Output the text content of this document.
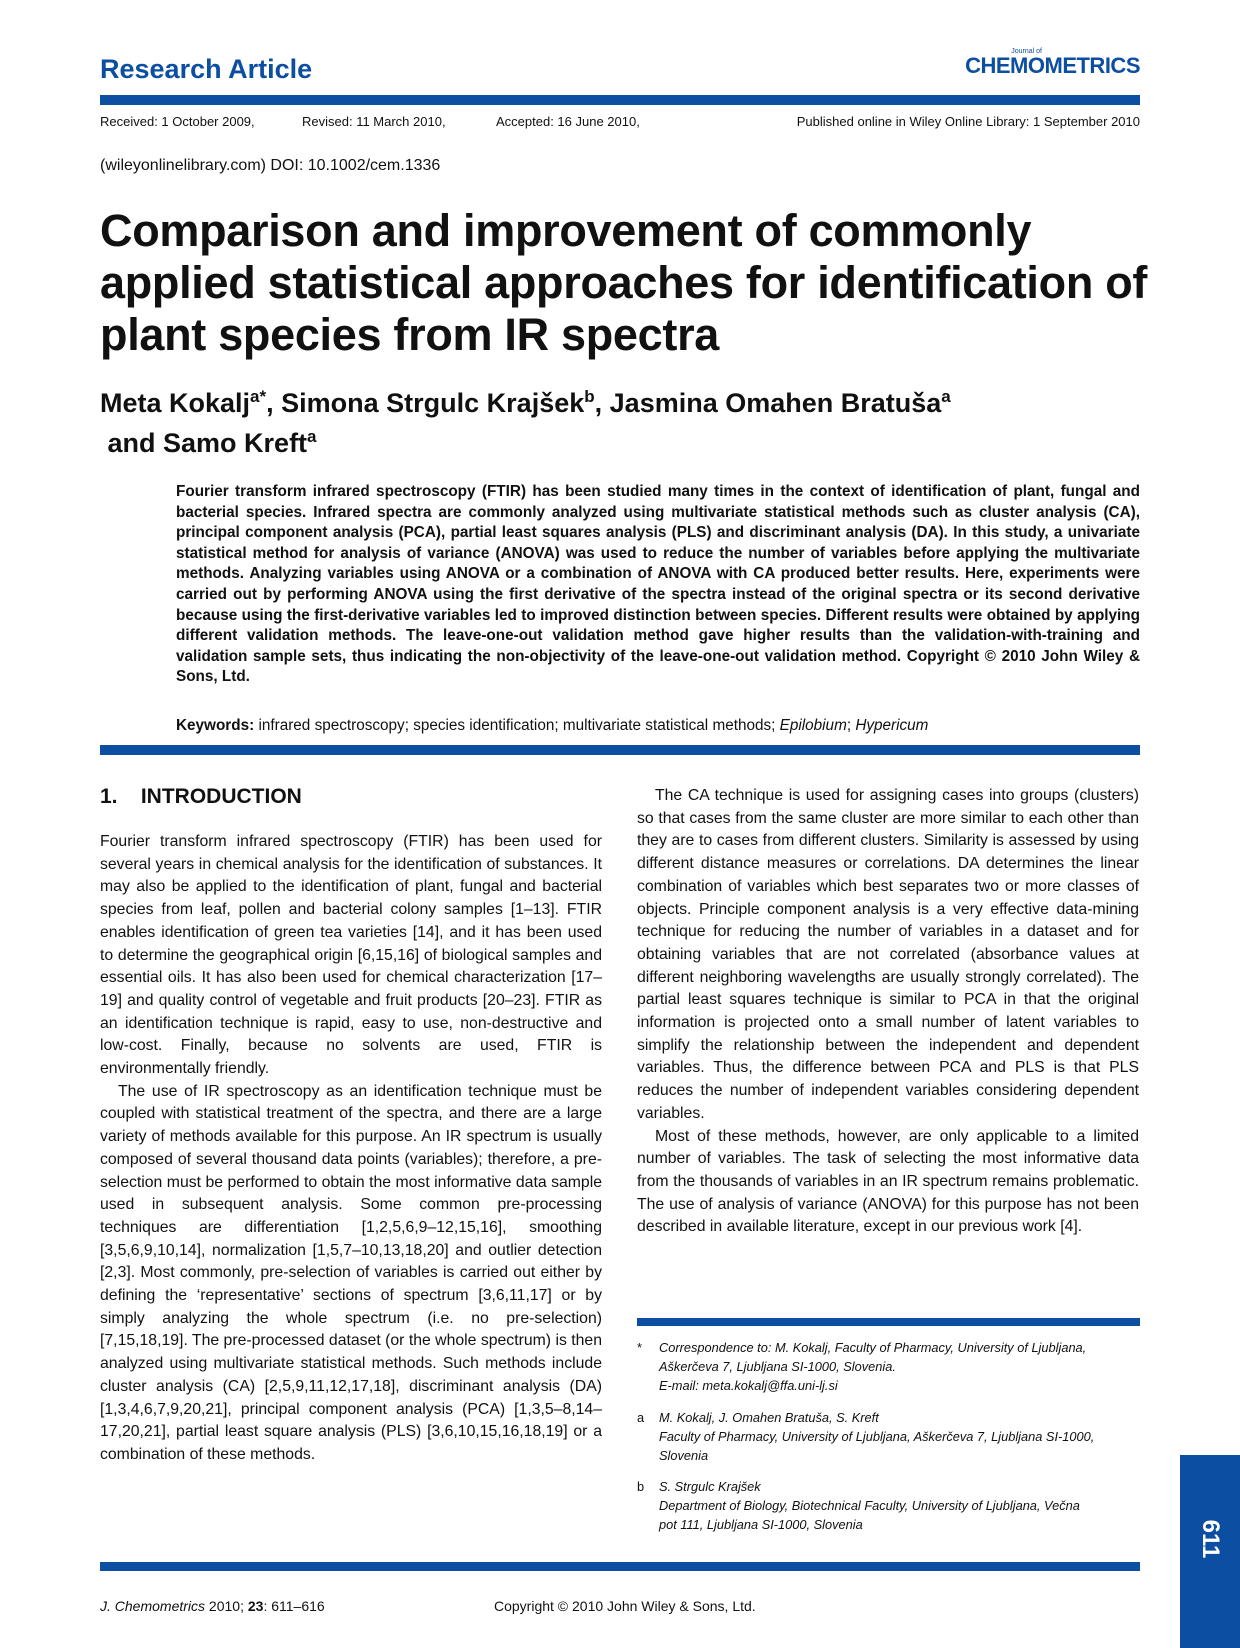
Research Article
Journal of
CHEMOMETRICS
Received: 1 October 2009,	Revised: 11 March 2010,	Accepted: 16 June 2010,	Published online in Wiley Online Library: 1 September 2010
(wileyonlinelibrary.com) DOI: 10.1002/cem.1336
Comparison and improvement of commonly applied statistical approaches for identification of plant species from IR spectra

Meta Kokalj$^{a*}$, Simona Strgulc Krajšek$^b$, Jasmina Omahen Bratuša$^a$
and Samo Kreft$^a$

Fourier transform infrared spectroscopy (FTIR) has been studied many times in the context of identification of plant, fungal and bacterial species. Infrared spectra are commonly analyzed using multivariate statistical methods such as cluster analysis (CA), principal component analysis (PCA), partial least squares analysis (PLS) and discriminant analysis (DA). In this study, a univariate statistical method for analysis of variance (ANOVA) was used to reduce the number of variables before applying the multivariate methods. Analyzing variables using ANOVA or a combination of ANOVA with CA produced better results. Here, experiments were carried out by performing ANOVA using the first derivative of the spectra instead of the original spectra or its second derivative because using the first-derivative variables led to improved distinction between species. Different results were obtained by applying different validation methods. The leave-one-out validation method gave higher results than the validation-with-training and validation sample sets, thus indicating the non-objectivity of the leave-one-out validation method. Copyright © 2010 John Wiley & Sons, Ltd.

Keywords: infrared spectroscopy; species identification; multivariate statistical methods; Epilobium; Hypericum
1.    INTRODUCTION

Fourier transform infrared spectroscopy (FTIR) has been used for several years in chemical analysis for the identification of substances. It may also be applied to the identification of plant, fungal and bacterial species from leaf, pollen and bacterial colony samples [1–13]. FTIR enables identification of green tea varieties [14], and it has been used to determine the geographical origin [6,15,16] of biological samples and essential oils. It has also been used for chemical characterization [17–19] and quality control of vegetable and fruit products [20–23]. FTIR as an identification technique is rapid, easy to use, non-destructive and low-cost. Finally, because no solvents are used, FTIR is environmentally friendly.

The use of IR spectroscopy as an identification technique must be coupled with statistical treatment of the spectra, and there are a large variety of methods available for this purpose. An IR spectrum is usually composed of several thousand data points (variables); therefore, a pre-selection must be performed to obtain the most informative data sample used in subsequent analysis. Some common pre-processing techniques are differentiation [1,2,5,6,9–12,15,16], smoothing [3,5,6,9,10,14], normalization [1,5,7–10,13,18,20] and outlier detection [2,3]. Most commonly, pre-selection of variables is carried out either by defining the ‘representative’ sections of spectrum [3,6,11,17] or by simply analyzing the whole spectrum (i.e. no pre-selection) [7,15,18,19]. The pre-processed dataset (or the whole spectrum) is then analyzed using multivariate statistical methods. Such methods include cluster analysis (CA) [2,5,9,11,12,17,18], discriminant analysis (DA) [1,3,4,6,7,9,20,21], principal component analysis (PCA) [1,3,5–8,14–17,20,21], partial least square analysis (PLS) [3,6,10,15,16,18,19] or a combination of these methods.

The CA technique is used for assigning cases into groups (clusters) so that cases from the same cluster are more similar to each other than they are to cases from different clusters. Similarity is assessed by using different distance measures or correlations. DA determines the linear combination of variables which best separates two or more classes of objects. Principle component analysis is a very effective data-mining technique for reducing the number of variables in a dataset and for obtaining variables that are not correlated (absorbance values at different neighboring wavelengths are usually strongly correlated). The partial least squares technique is similar to PCA in that the original information is projected onto a small number of latent variables to simplify the relationship between the independent and dependent variables. Thus, the difference between PCA and PLS is that PLS reduces the number of independent variables considering dependent variables.

Most of these methods, however, are only applicable to a limited number of variables. The task of selecting the most informative data from the thousands of variables in an IR spectrum remains problematic. The use of analysis of variance (ANOVA) for this purpose has not been described in available literature, except in our previous work [4].

* Correspondence to: M. Kokalj, Faculty of Pharmacy, University of Ljubljana,
Aškerčeva 7, Ljubljana SI-1000, Slovenia.
E-mail: meta.kokalj@ffa.uni-lj.si
a M. Kokalj, J. Omahen Bratuša, S. Kreft
Faculty of Pharmacy, University of Ljubljana, Aškerčeva 7, Ljubljana SI-1000,
Slovenia
b S. Strgulc Krajšek
Department of Biology, Biotechnical Faculty, University of Ljubljana, Večna
pot 111, Ljubljana SI-1000, Slovenia	611
J. Chemometrics 2010; 23: 611–616	Copyright © 2010 John Wiley & Sons, Ltd.
